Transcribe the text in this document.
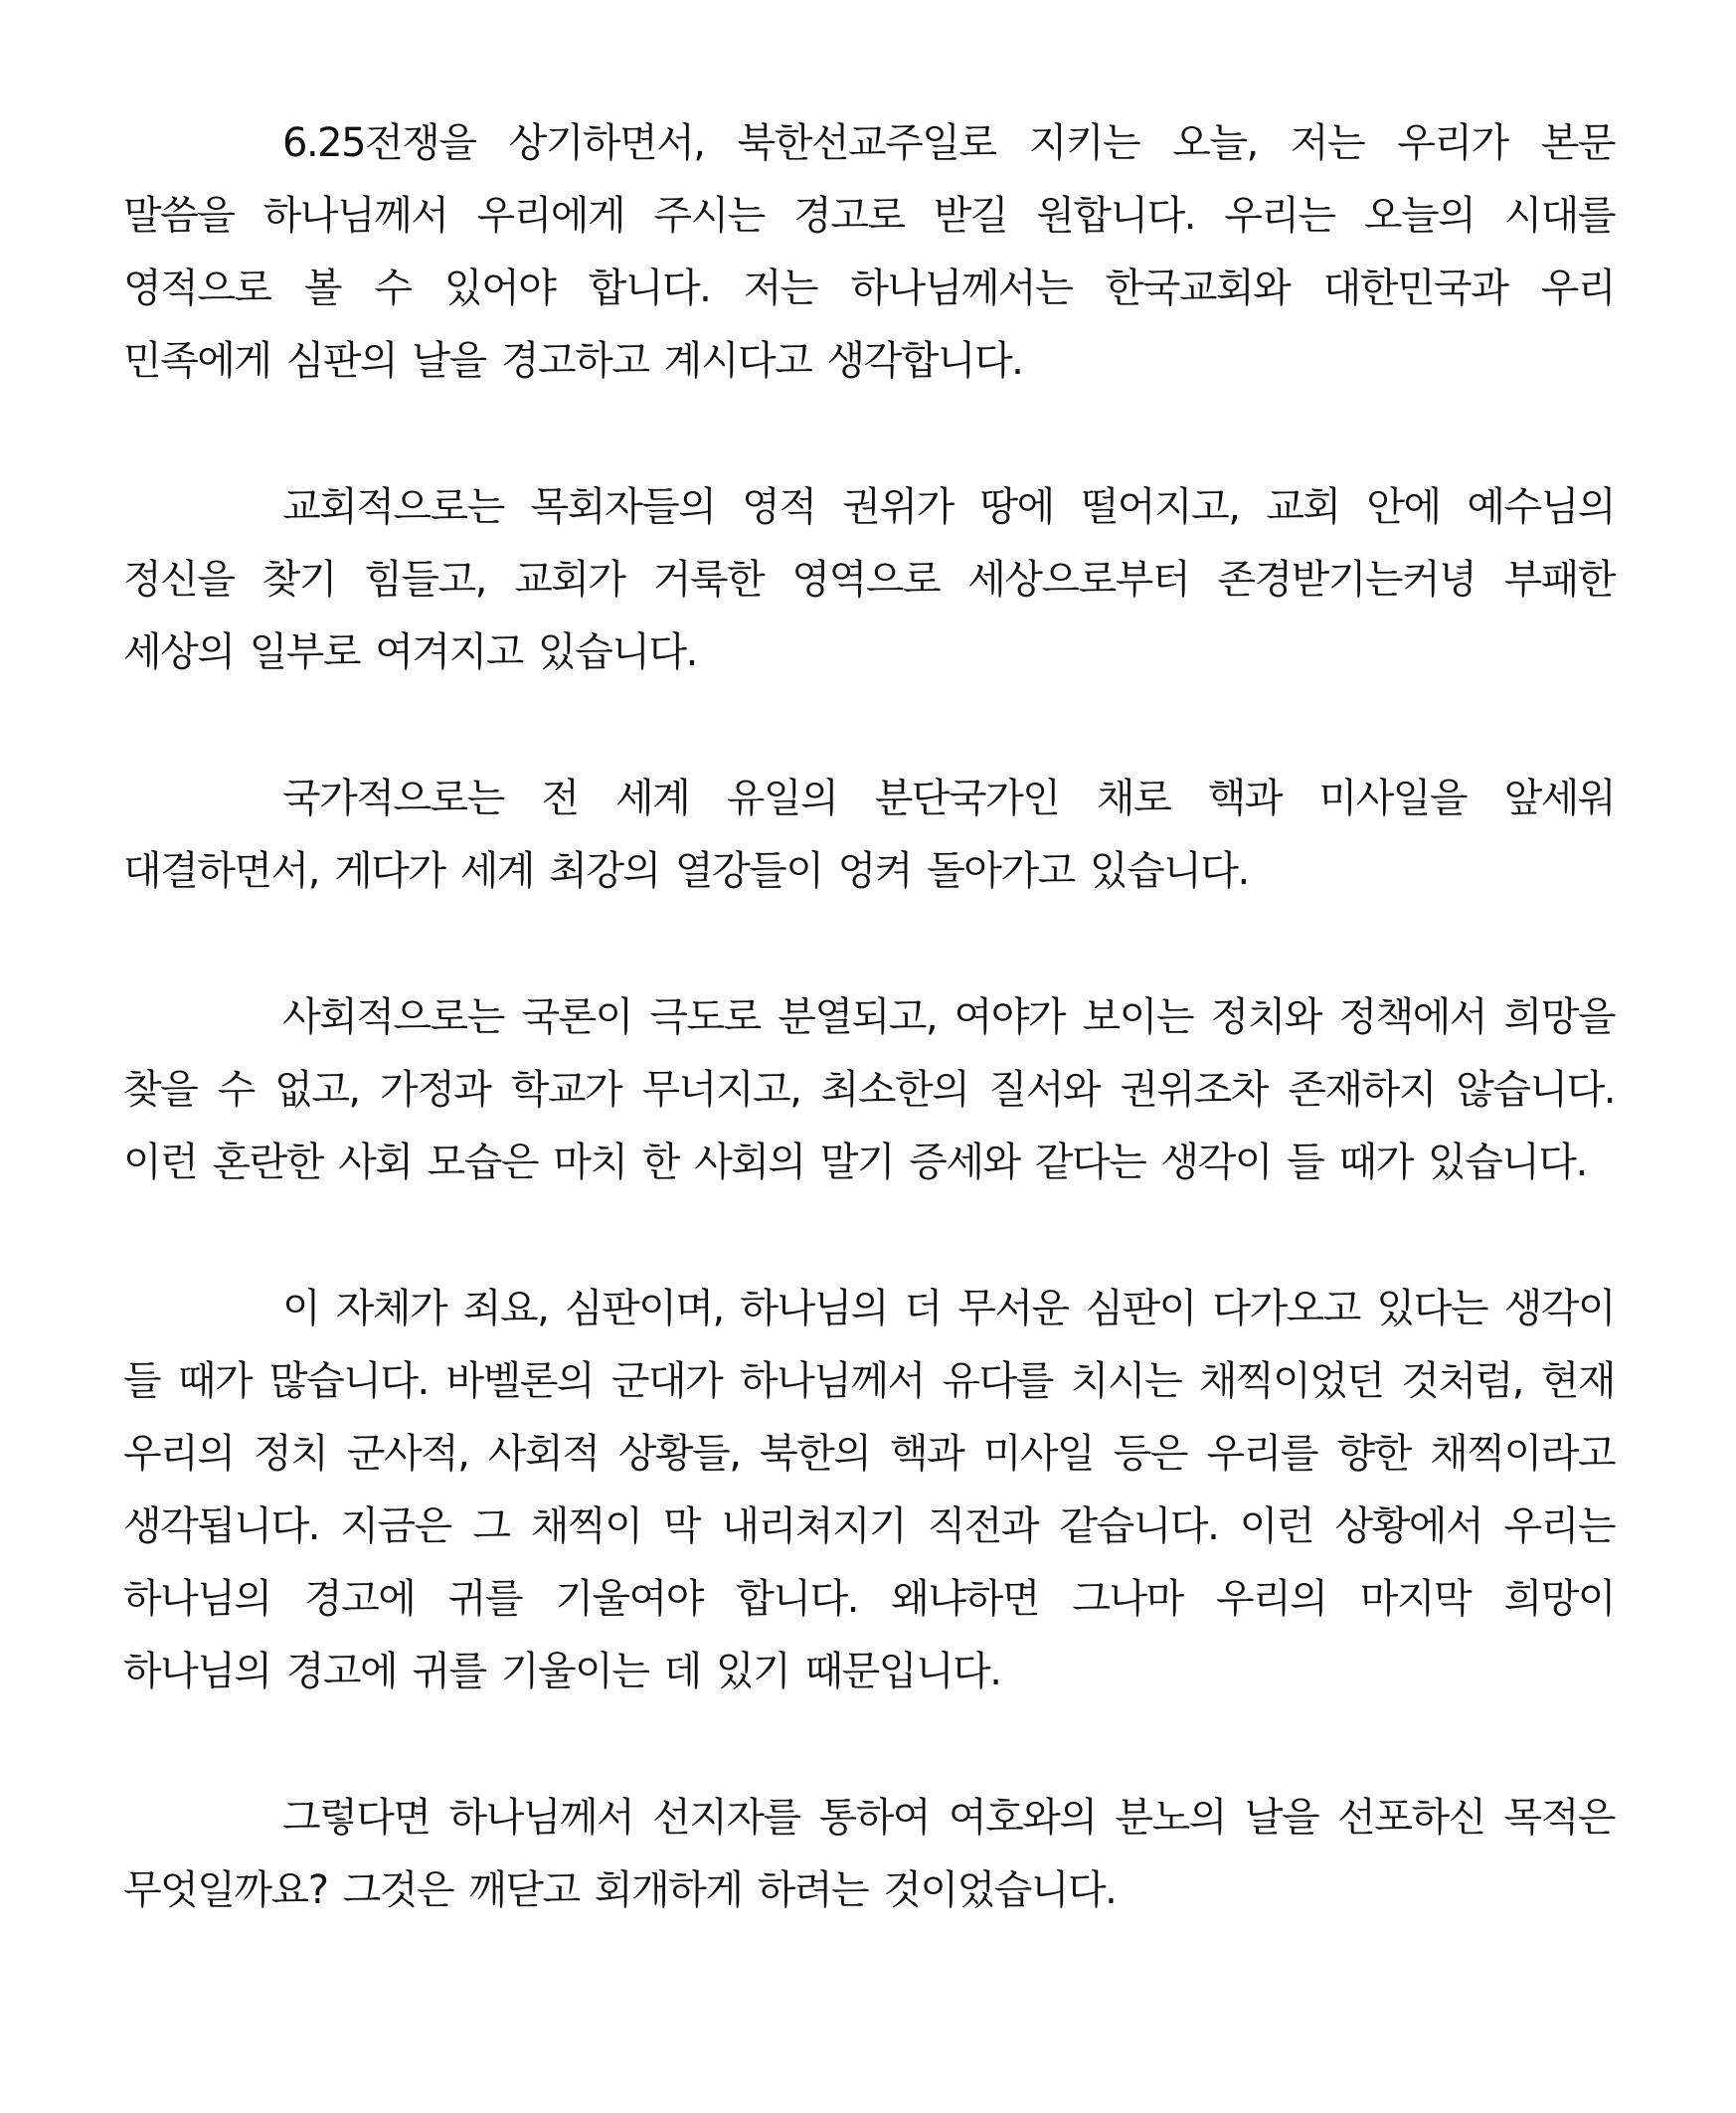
6.25전쟁을 상기하면서, 북한선교주일로 지키는 오늘, 저는 우리가 본문 말씀을 하나님께서 우리에게 주시는 경고로 받길 원합니다. 우리는 오늘의 시대를 영적으로 볼 수 있어야 합니다. 저는 하나님께서는 한국교회와 대한민국과 우리 민족에게 심판의 날을 경고하고 계시다고 생각합니다.

교회적으로는 목회자들의 영적 권위가 땅에 떨어지고, 교회 안에 예수님의 정신을 찾기 힘들고, 교회가 거룩한 영역으로 세상으로부터 존경받기는커녕 부패한 세상의 일부로 여겨지고 있습니다.

국가적으로는 전 세계 유일의 분단국가인 채로 핵과 미사일을 앞세워 대결하면서, 게다가 세계 최강의 열강들이 엉켜 돌아가고 있습니다.

사회적으로는 국론이 극도로 분열되고, 여야가 보이는 정치와 정책에서 희망을 찾을 수 없고, 가정과 학교가 무너지고, 최소한의 질서와 권위조차 존재하지 않습니다. 이런 혼란한 사회 모습은 마치 한 사회의 말기 증세와 같다는 생각이 들 때가 있습니다.

이 자체가 죄요, 심판이며, 하나님의 더 무서운 심판이 다가오고 있다는 생각이 들 때가 많습니다. 바벨론의 군대가 하나님께서 유다를 치시는 채찍이었던 것처럼, 현재 우리의 정치 군사적, 사회적 상황들, 북한의 핵과 미사일 등은 우리를 향한 채찍이라고 생각됩니다. 지금은 그 채찍이 막 내리쳐지기 직전과 같습니다. 이런 상황에서 우리는 하나님의 경고에 귀를 기울여야 합니다. 왜냐하면 그나마 우리의 마지막 희망이 하나님의 경고에 귀를 기울이는 데 있기 때문입니다.

그렇다면 하나님께서 선지자를 통하여 여호와의 분노의 날을 선포하신 목적은 무엇일까요? 그것은 깨닫고 회개하게 하려는 것이었습니다.
